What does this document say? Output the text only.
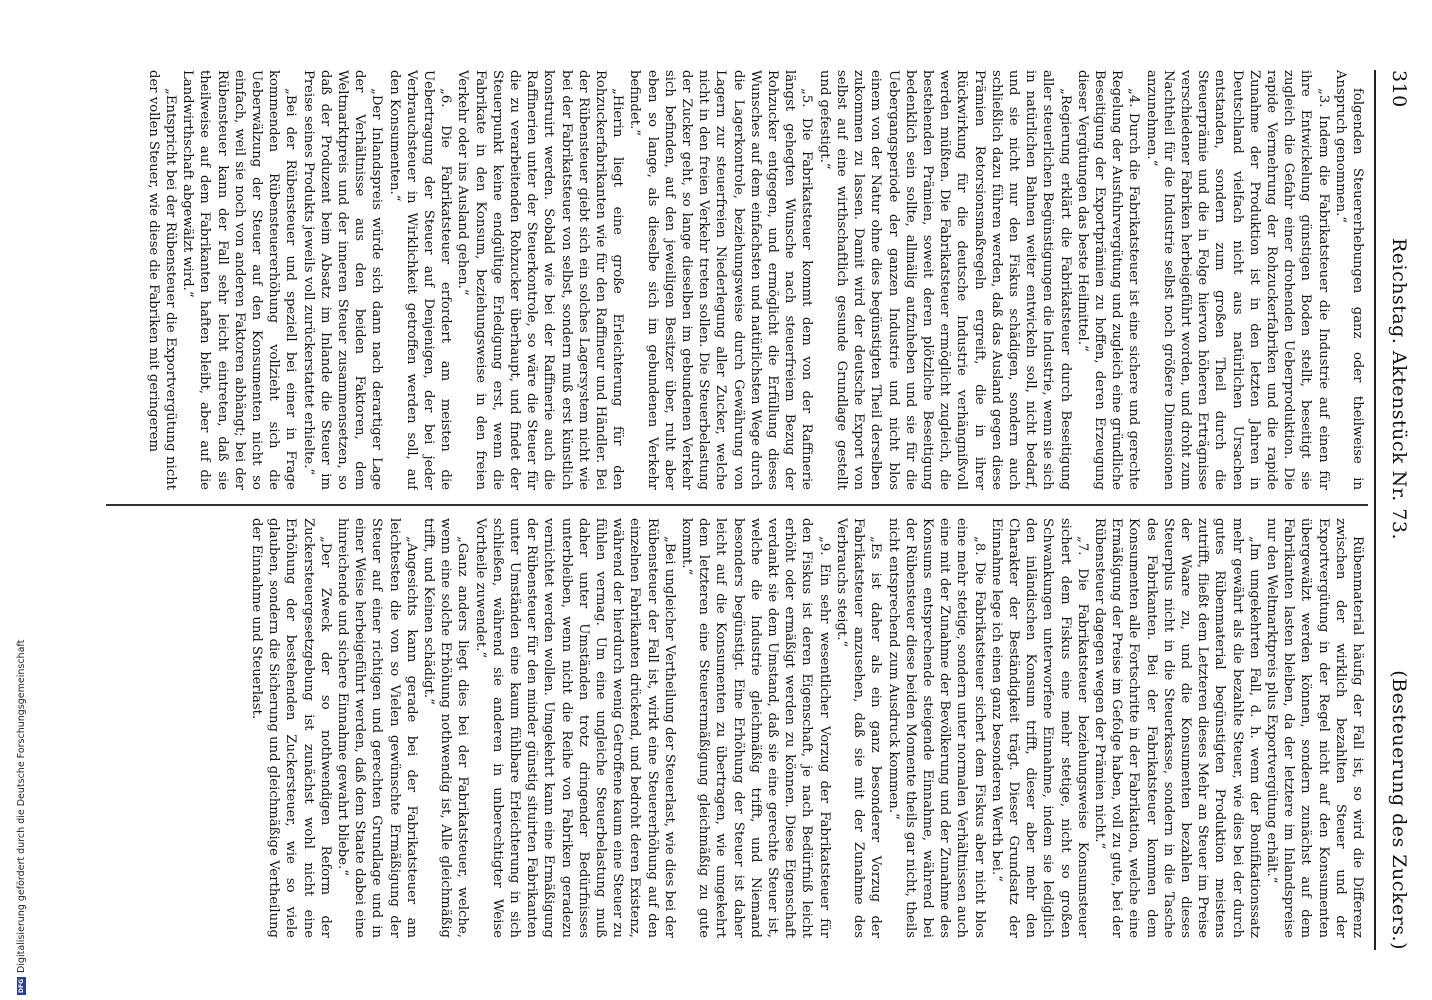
DFG
Digitalisierung gefördert durch die Deutsche Forschungsgemeinschaft
310
Reichstag. Aktenstück Nr. 73.
(Besteuerung des Zuckers.)

folgenden Steuererhebungen ganz oder theilweise in Anspruch genommen.“

„3. Indem die Fabrikatsteuer die Industrie auf einen für ihre Entwickelung günstigen Boden stellt, beseitigt sie zugleich die Gefahr einer drohenden Ueberproduktion. Die rapide Vermehrung der Rohzuckerfabriken und die rapide Zunahme der Produktion ist in den letzten Jahren in Deutschland vielfach nicht aus natürlichen Ursachen entstanden, sondern zum großen Theil durch die Steuerprämie und die in Folge hiervon höheren Erträgnisse verschiedener Fabriken herbeigeführt worden, und droht zum Nachtheil für die Industrie selbst noch größere Dimensionen anzunehmen.“

„4. Durch die Fabrikatsteuer ist eine sichere und gerechte Regelung der Ausfuhrvergütung und zugleich eine gründliche Beseitigung der Exportprämien zu hoffen, deren Erzeugung dieser Vergütungen das beste Heilmittel.“

„Regierung erklärt die Fabrikatsteuer durch Beseitigung aller steuerlichen Begünstigungen die Industrie, wenn sie sich in natürlichen Bahnen weiter entwickeln soll, nicht bedarf, und sie nicht nur den Fiskus schädigen, sondern auch schließlich dazu führen werden, daß das Ausland gegen diese Prämien Retorsionsmaßregeln ergreift, die in ihrer Rückwirkung für die deutsche Industrie verhängnißvoll werden müßten. Die Fabrikatsteuer ermöglicht zugleich, die bestehenden Prämien, soweit deren plötzliche Beseitigung bedenklich sein sollte, allmälig aufzuheben und sie für die Uebergangsperiode der ganzen Industrie und nicht blos einem von der Natur ohne dies begünstigten Theil derselben zukommen zu lassen. Damit wird der deutsche Export von selbst auf eine wirthschaftlich gesunde Grundlage gestellt und gefestigt.“

„5. Die Fabrikatsteuer kommt dem von der Raffinerie längst gehegten Wunsche nach steuerfreiem Bezug der Rohzucker entgegen, und ermöglicht die Erfüllung dieses Wunsches auf dem einfachsten und natürlichsten Wege durch die Lagerkontrole, beziehungsweise durch Gewährung von Lagern zur steuerfreien Niederlegung aller Zucker, welche nicht in den freien Verkehr treten sollen. Die Steuerbelastung der Zucker geht, so lange dieselben im gebundenen Verkehr sich befinden, auf den jeweiligen Besitzer über, ruht aber eben so lange, als dieselbe sich im gebundenen Verkehr befindet.“

„Hierin liegt eine große Erleichterung für den Rohzuckerfabrikanten wie für den Raffineur und Händler. Bei der Rübensteuer giebt sich ein solches Lagersystem nicht wie bei der Fabrikatsteuer von selbst, sondern muß erst künstlich konstruirt werden. Sobald wie bei der Raffinerie auch die Raffinerien unter der Steuerkontrole, so wäre die Steuer für die zu verarbeitenden Rohzucker überhaupt, und findet der Steuerpunkt keine endgültige Erledigung erst, wenn die Fabrikate in den Konsum, beziehungsweise in den freien Verkehr oder ins Ausland gehen.“

„6. Die Fabrikatsteuer erfordert am meisten die Uebertragung der Steuer auf Denjenigen, der bei jeder Verbrauchsteuer in Wirklichkeit getroffen werden soll, auf den Konsumenten.“

„Der Inlandspreis würde sich dann nach derartiger Lage der Verhältnisse aus den beiden Faktoren, dem Weltmarktpreis und der inneren Steuer zusammensetzen, so daß der Produzent beim Absatz im Inlande die Steuer im Preise seines Produkts jeweils voll zurückerstattet erhielte.“

„Bei der Rübensteuer und speziell bei einer in Frage kommenden Rübensteuererhöhung vollzieht sich die Ueberwälzung der Steuer auf den Konsumenten nicht so einfach, weil sie noch von anderen Faktoren abhängt; bei der Rübensteuer kann der Fall sehr leicht eintreten, daß sie theilweise auf dem Fabrikanten haften bleibt, aber auf die Landwirthschaft abgewälzt wird.“

„Entspricht bei der Rübensteuer die Exportvergütung nicht der vollen Steuer, wie diese die Fabriken mit geringerem

Rübenmaterial häufig der Fall ist, so wird die Differenz zwischen der wirklich bezahlten Steuer und der Exportvergütung in der Regel nicht auf den Konsumenten übergewälzt werden können, sondern zunächst auf dem Fabrikanten lasten bleiben, da der letztere im Inlandspreise nur den Weltmarktpreis plus Exportvergütung erhält.“

„Im umgekehrten Fall, d. h. wenn der Bonifikationssatz mehr gewährt als die bezahlte Steuer, wie dies bei der durch gutes Rübenmaterial begünstigten Produktion meistens zutrifft, fließt dem Letzteren dieses Mehr an Steuer im Preise der Waare zu, und die Konsumenten bezahlen dieses Steuerplus nicht in die Steuerkasse, sondern in die Tasche des Fabrikanten. Bei der Fabrikatsteuer kommen dem Konsumenten alle Fortschritte in der Fabrikation, welche eine Ermäßigung der Preise im Gefolge haben, voll zu gute, bei der Rübensteuer dagegen wegen der Prämien nicht.“

„7. Die Fabrikatsteuer beziehungsweise Konsumsteuer sichert dem Fiskus eine mehr stetige, nicht so großen Schwankungen unterworfene Einnahme, indem sie lediglich den inländischen Konsum trifft, dieser aber mehr den Charakter der Beständigkeit trägt. Dieser Grundsatz der Einnahme lege ich einen ganz besonderen Werth bei.“

„8. Die Fabrikatsteuer sichert dem Fiskus aber nicht blos eine mehr stetige, sondern unter normalen Verhältnissen auch eine mit der Zunahme der Bevölkerung und der Zunahme des Konsums entsprechende steigende Einnahme, während bei der Rübensteuer diese beiden Momente theils gar nicht, theils nicht entsprechend zum Ausdruck kommen.“

„Es ist daher als ein ganz besonderer Vorzug der Fabrikatsteuer anzusehen, daß sie mit der Zunahme des Verbrauchs steigt.“

„9. Ein sehr wesentlicher Vorzug der Fabrikatsteuer für den Fiskus ist deren Eigenschaft, je nach Bedürfniß leicht erhöht oder ermäßigt werden zu können. Diese Eigenschaft verdankt sie dem Umstand, daß sie eine gerechte Steuer ist, welche die Industrie gleichmäßig trifft, und Niemand besonders begünstigt. Eine Erhöhung der Steuer ist daher leicht auf die Konsumenten zu übertragen, wie umgekehrt dem letzteren eine Steuerermäßigung gleichmäßig zu gute kommt.“

„Bei ungleicher Vertheilung der Steuerlast, wie dies bei der Rübensteuer der Fall ist, wirkt eine Steuererhöhung auf den einzelnen Fabrikanten drückend, und bedroht deren Existenz, während der hierdurch wenig Getroffene kaum eine Steuer zu fühlen vermag. Um eine ungleiche Steuerbelastung muß daher unter Umständen trotz dringender Bedürfnisses unterbleiben, wenn nicht die Reihe von Fabriken geradezu vernichtet werden wollen. Umgekehrt kann eine Ermäßigung der Rübensteuer für den minder günstig situirten Fabrikanten unter Umständen eine kaum fühlbare Erleichterung in sich schließen, während sie anderen in unberechtigter Weise Vortheile zuwendet.“

„Ganz anders liegt dies bei der Fabrikatsteuer, welche, wenn eine solche Erhöhung nothwendig ist, Alle gleichmäßig trifft, und Keinen schädigt.“

„Angesichts kann gerade bei der Fabrikatsteuer am leichtesten die von so Vielen gewünschte Ermäßigung der Steuer auf einer richtigen und gerechten Grundlage und in einer Weise herbeigeführt werden, daß dem Staate dabei eine hinreichende und sichere Einnahme gewahrt bliebe.“

„Der Zweck der so nothwendigen Reform der Zuckersteuergesetzgebung ist zunächst wohl nicht eine Erhöhung der bestehenden Zuckersteuer, wie so viele glauben, sondern die Sicherung und gleichmäßige Vertheilung der Einnahme und Steuerlast.
